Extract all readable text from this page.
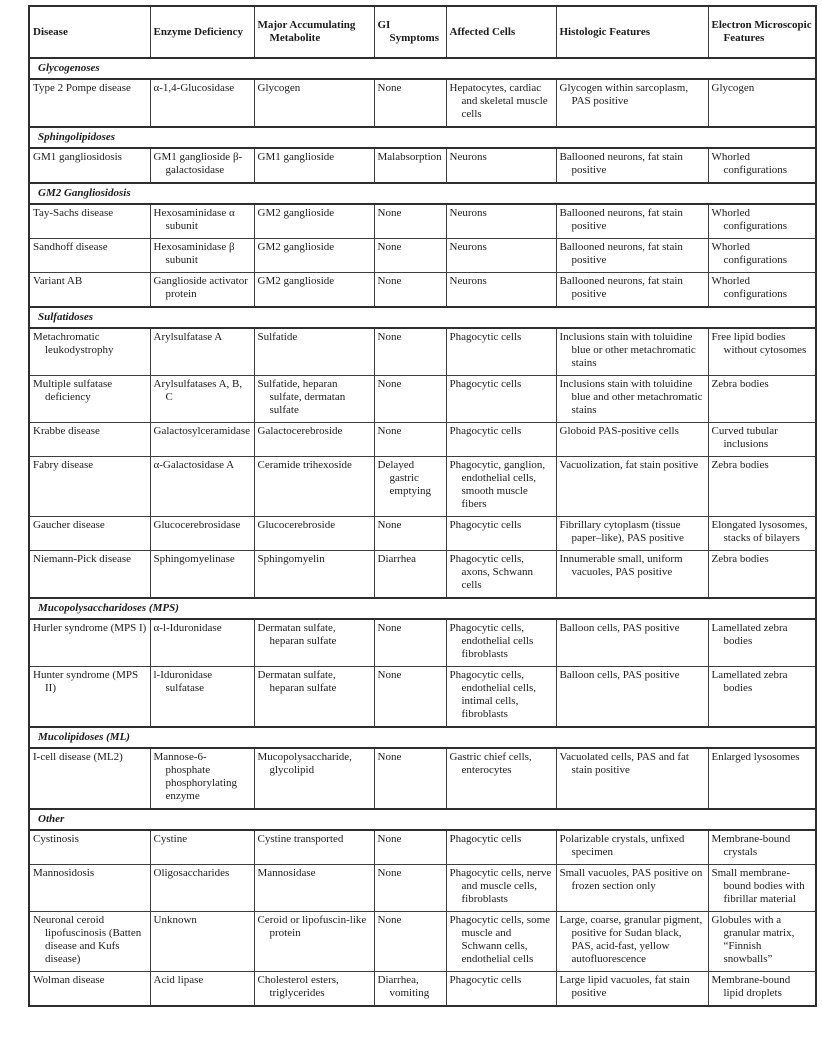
Disease	Enzyme Deficiency	Major Accumulating Metabolite	GI Symptoms	Affected Cells	Histologic Features	Electron Microscopic Features

Glycogenoses						

Type 2 Pompe disease	α-1,4-Glucosidase	Glycogen	None	Hepatocytes, cardiac and skeletal muscle cells	Glycogen within sarcoplasm, PAS positive	Glycogen

Sphingolipidoses						

GM1 gangliosidosis	GM1 ganglioside β-galactosidase	GM1 ganglioside	Malabsorption	Neurons	Ballooned neurons, fat stain positive	Whorled configurations

GM2 Gangliosidosis						

Tay-Sachs disease	Hexosaminidase α subunit	GM2 ganglioside	None	Neurons	Ballooned neurons, fat stain positive	Whorled configurations

Sandhoff disease	Hexosaminidase β subunit	GM2 ganglioside	None	Neurons	Ballooned neurons, fat stain positive	Whorled configurations

Variant AB	Ganglioside activator protein	GM2 ganglioside	None	Neurons	Ballooned neurons, fat stain positive	Whorled configurations

Sulfatidoses						

Metachromatic leukodystrophy	Arylsulfatase A	Sulfatide	None	Phagocytic cells	Inclusions stain with toluidine blue or other metachromatic stains	Free lipid bodies without cytosomes

Multiple sulfatase deficiency	Arylsulfatases A, B, C	Sulfatide, heparan sulfate, dermatan sulfate	None	Phagocytic cells	Inclusions stain with toluidine blue and other metachromatic stains	Zebra bodies

Krabbe disease	Galactosylceramidase	Galactocerebroside	None	Phagocytic cells	Globoid PAS-positive cells	Curved tubular inclusions

Fabry disease	α-Galactosidase A	Ceramide trihexoside	Delayed gastric emptying	Phagocytic, ganglion, endothelial cells, smooth muscle fibers	Vacuolization, fat stain positive	Zebra bodies

Gaucher disease	Glucocerebrosidase	Glucocerebroside	None	Phagocytic cells	Fibrillary cytoplasm (tissue paper–like), PAS positive	Elongated lysosomes, stacks of bilayers

Niemann-Pick disease	Sphingomyelinase	Sphingomyelin	Diarrhea	Phagocytic cells, axons, Schwann cells	Innumerable small, uniform vacuoles, PAS positive	Zebra bodies

Mucopolysaccharidoses (MPS)						

Hurler syndrome (MPS I)	α-l-Iduronidase	Dermatan sulfate, heparan sulfate	None	Phagocytic cells, endothelial cells fibroblasts	Balloon cells, PAS positive	Lamellated zebra bodies

Hunter syndrome (MPS II)	l-Iduronidase sulfatase	Dermatan sulfate, heparan sulfate	None	Phagocytic cells, endothelial cells, intimal cells, fibroblasts	Balloon cells, PAS positive	Lamellated zebra bodies

Mucolipidoses (ML)						

I-cell disease (ML2)	Mannose-6-phosphate phosphorylating enzyme	Mucopolysaccharide, glycolipid	None	Gastric chief cells, enterocytes	Vacuolated cells, PAS and fat stain positive	Enlarged lysosomes

Other						

Cystinosis	Cystine	Cystine transported	None	Phagocytic cells	Polarizable crystals, unfixed specimen	Membrane-bound crystals

Mannosidosis	Oligosaccharides	Mannosidase	None	Phagocytic cells, nerve and muscle cells, fibroblasts	Small vacuoles, PAS positive on frozen section only	Small membrane-bound bodies with fibrillar material

Neuronal ceroid lipofuscinosis (Batten disease and Kufs disease)	Unknown	Ceroid or lipofuscin-like protein	None	Phagocytic cells, some muscle and Schwann cells, endothelial cells	Large, coarse, granular pigment, positive for Sudan black, PAS, acid-fast, yellow autofluorescence	Globules with a granular matrix, “Finnish snowballs”

Wolman disease	Acid lipase	Cholesterol esters, triglycerides	Diarrhea, vomiting	Phagocytic cells	Large lipid vacuoles, fat stain positive	Membrane-bound lipid droplets
